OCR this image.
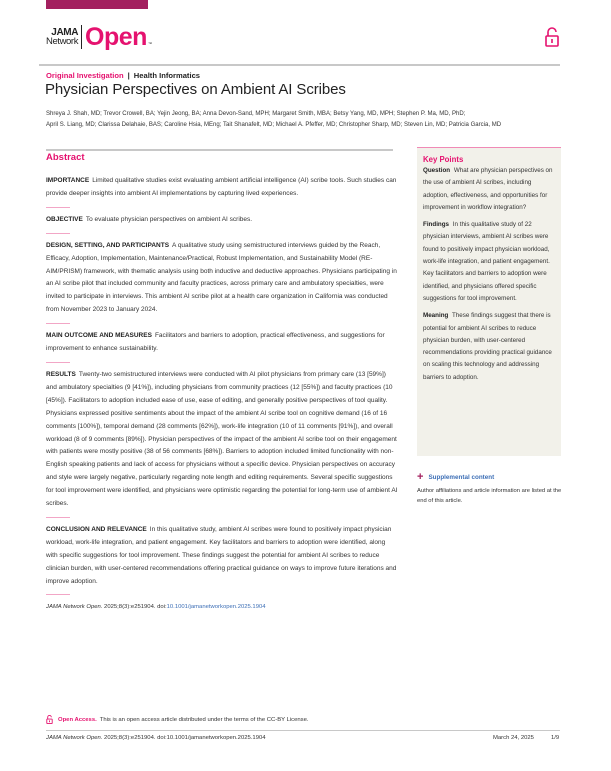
JAMA
Network Open ™
Original Investigation | Health Informatics
Physician Perspectives on Ambient AI Scribes
Shreya J. Shah, MD; Trevor Crowell, BA; Yejin Jeong, BA; Anna Devon-Sand, MPH; Margaret Smith, MBA; Betsy Yang, MD, MPH; Stephen P. Ma, MD, PhD;
April S. Liang, MD; Clarissa Delahaie, BAS; Caroline Hsia, MEng; Tait Shanafelt, MD; Michael A. Pfeffer, MD; Christopher Sharp, MD; Steven Lin, MD; Patricia Garcia, MD
Abstract

IMPORTANCE Limited qualitative studies exist evaluating ambient artificial intelligence (AI) scribe tools. Such studies can provide deeper insights into ambient AI implementations by capturing lived experiences.

OBJECTIVE To evaluate physician perspectives on ambient AI scribes.

DESIGN, SETTING, AND PARTICIPANTS A qualitative study using semistructured interviews guided by the Reach, Efficacy, Adoption, Implementation, Maintenance/Practical, Robust Implementation, and Sustainability Model (RE-AIM/PRISM) framework, with thematic analysis using both inductive and deductive approaches. Physicians participating in an AI scribe pilot that included community and faculty practices, across primary care and ambulatory specialties, were invited to participate in interviews. This ambient AI scribe pilot at a health care organization in California was conducted from November 2023 to January 2024.

MAIN OUTCOME AND MEASURES Facilitators and barriers to adoption, practical effectiveness, and suggestions for improvement to enhance sustainability.

RESULTS Twenty-two semistructured interviews were conducted with AI pilot physicians from primary care (13 [59%]) and ambulatory specialties (9 [41%]), including physicians from community practices (12 [55%]) and faculty practices (10 [45%]). Facilitators to adoption included ease of use, ease of editing, and generally positive perspectives of tool quality. Physicians expressed positive sentiments about the impact of the ambient AI scribe tool on cognitive demand (16 of 16 comments [100%]), temporal demand (28 comments [62%]), work-life integration (10 of 11 comments [91%]), and overall workload (8 of 9 comments [89%]). Physician perspectives of the impact of the ambient AI scribe tool on their engagement with patients were mostly positive (38 of 56 comments [68%]). Barriers to adoption included limited functionality with non-English speaking patients and lack of access for physicians without a specific device. Physician perspectives on accuracy and style were largely negative, particularly regarding note length and editing requirements. Several specific suggestions for tool improvement were identified, and physicians were optimistic regarding the potential for long-term use of ambient AI scribes.

CONCLUSION AND RELEVANCE In this qualitative study, ambient AI scribes were found to positively impact physician workload, work-life integration, and patient engagement. Key facilitators and barriers to adoption were identified, along with specific suggestions for tool improvement. These findings suggest the potential for ambient AI scribes to reduce clinician burden, with user-centered recommendations offering practical guidance on ways to improve future iterations and improve adoption.

JAMA Network Open. 2025;8(3):e251904. doi:10.1001/jamanetworkopen.2025.1904

Key Points

Question What are physician perspectives on the use of ambient AI scribes, including adoption, effectiveness, and opportunities for improvement in workflow integration?

Findings In this qualitative study of 22 physician interviews, ambient AI scribes were found to positively impact physician workload, work-life integration, and patient engagement. Key facilitators and barriers to adoption were identified, and physicians offered specific suggestions for tool improvement.

Meaning These findings suggest that there is potential for ambient AI scribes to reduce physician burden, with user-centered recommendations providing practical guidance on scaling this technology and addressing barriers to adoption.

+ Supplemental content
Author affiliations and article information are listed at the end of this article.
Open Access. This is an open access article distributed under the terms of the CC-BY License.
JAMA Network Open. 2025;8(3):e251904. doi:10.1001/jamanetworkopen.2025.1904	March 24, 2025	1/9
